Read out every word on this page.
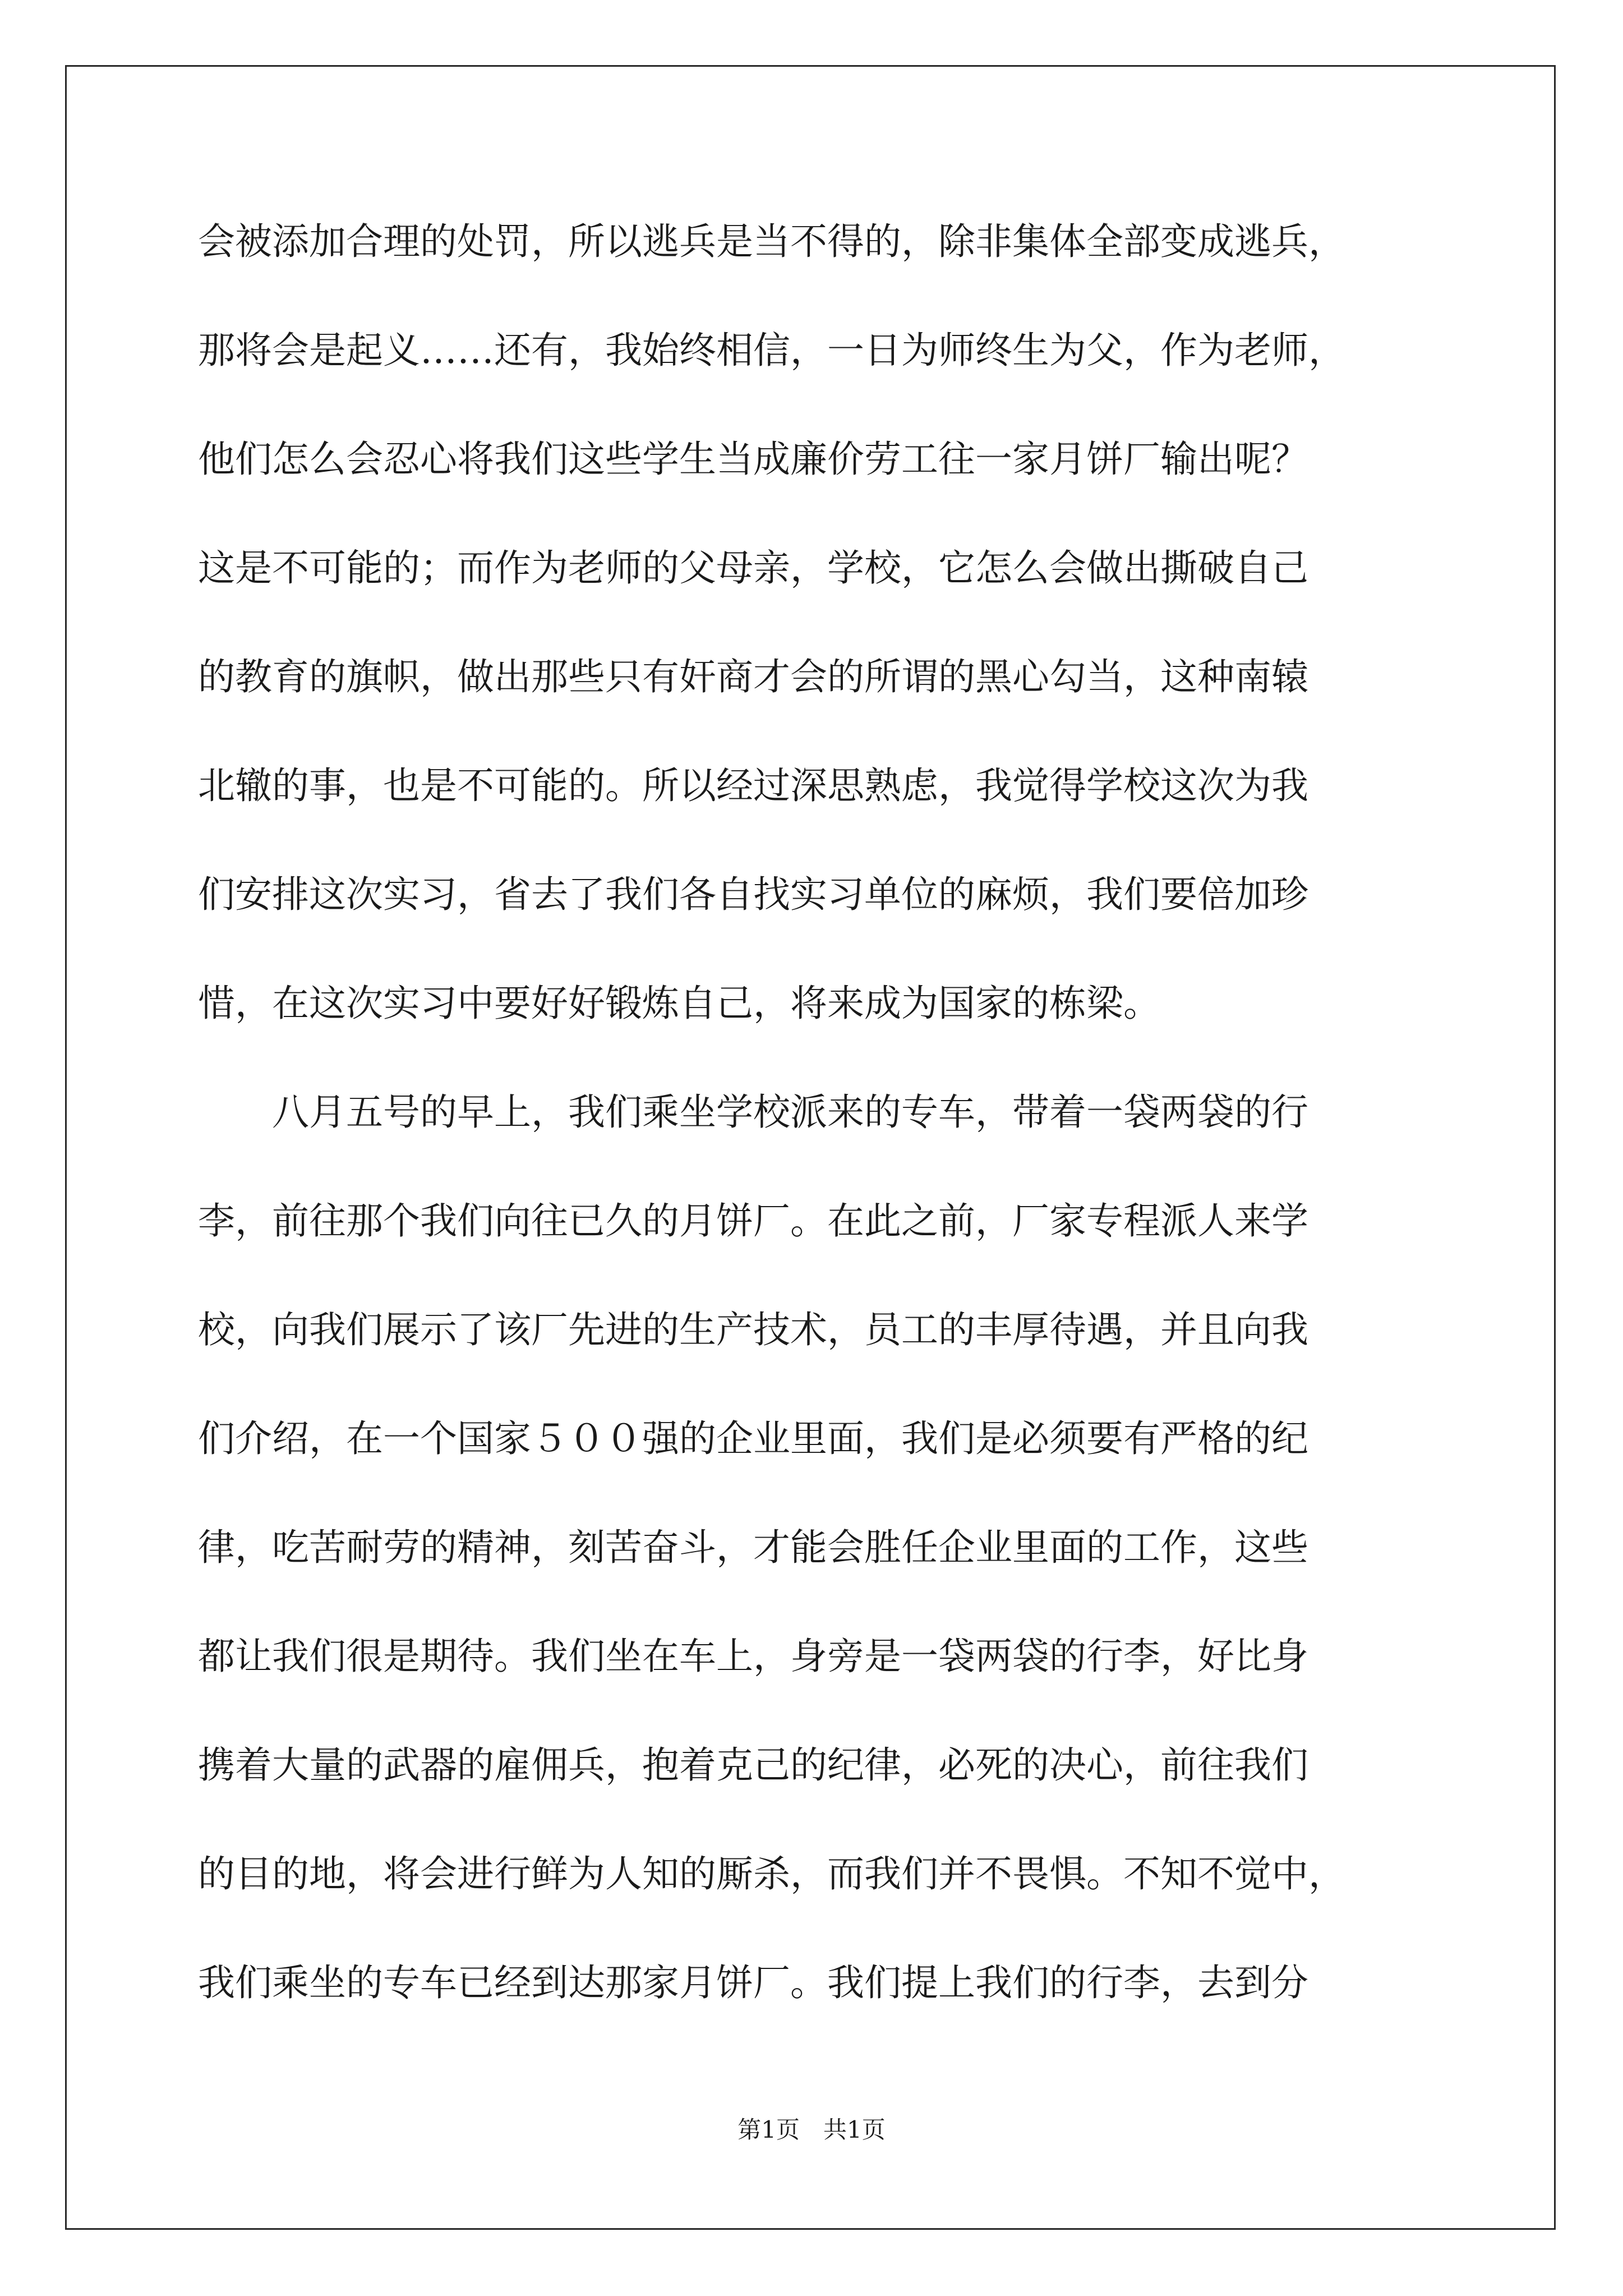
会被添加合理的处罚，所以逃兵是当不得的，除非集体全部变成逃兵，
那将会是起义……还有，我始终相信，一日为师终生为父，作为老师，
他们怎么会忍心将我们这些学生当成廉价劳工往一家月饼厂输出呢？
这是不可能的；而作为老师的父母亲，学校，它怎么会做出撕破自己
的教育的旗帜，做出那些只有奸商才会的所谓的黑心勾当，这种南辕
北辙的事，也是不可能的。所以经过深思熟虑，我觉得学校这次为我
们安排这次实习，省去了我们各自找实习单位的麻烦，我们要倍加珍
惜，在这次实习中要好好锻炼自己，将来成为国家的栋梁。
八月五号的早上，我们乘坐学校派来的专车，带着一袋两袋的行
李，前往那个我们向往已久的月饼厂。在此之前，厂家专程派人来学
校，向我们展示了该厂先进的生产技术，员工的丰厚待遇，并且向我
们介绍，在一个国家５００强的企业里面，我们是必须要有严格的纪
律，吃苦耐劳的精神，刻苦奋斗，才能会胜任企业里面的工作，这些
都让我们很是期待。我们坐在车上，身旁是一袋两袋的行李，好比身
携着大量的武器的雇佣兵，抱着克己的纪律，必死的决心，前往我们
的目的地，将会进行鲜为人知的厮杀，而我们并不畏惧。不知不觉中，
我们乘坐的专车已经到达那家月饼厂。我们提上我们的行李，去到分
第1页　共1页
